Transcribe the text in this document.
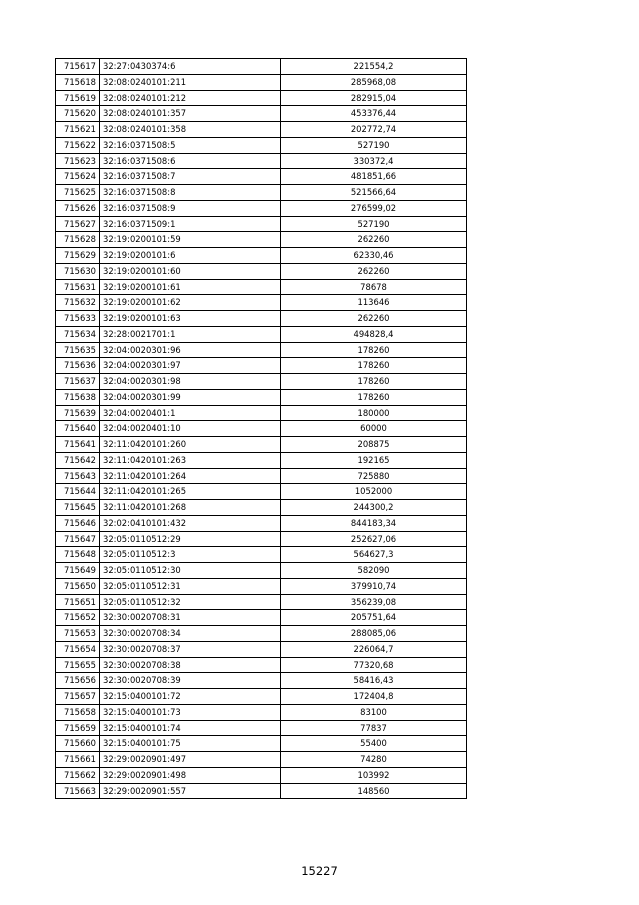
715617	32:27:0430374:6	221554,2
715618	32:08:0240101:211	285968,08
715619	32:08:0240101:212	282915,04
715620	32:08:0240101:357	453376,44
715621	32:08:0240101:358	202772,74
715622	32:16:0371508:5	527190
715623	32:16:0371508:6	330372,4
715624	32:16:0371508:7	481851,66
715625	32:16:0371508:8	521566,64
715626	32:16:0371508:9	276599,02
715627	32:16:0371509:1	527190
715628	32:19:0200101:59	262260
715629	32:19:0200101:6	62330,46
715630	32:19:0200101:60	262260
715631	32:19:0200101:61	78678
715632	32:19:0200101:62	113646
715633	32:19:0200101:63	262260
715634	32:28:0021701:1	494828,4
715635	32:04:0020301:96	178260
715636	32:04:0020301:97	178260
715637	32:04:0020301:98	178260
715638	32:04:0020301:99	178260
715639	32:04:0020401:1	180000
715640	32:04:0020401:10	60000
715641	32:11:0420101:260	208875
715642	32:11:0420101:263	192165
715643	32:11:0420101:264	725880
715644	32:11:0420101:265	1052000
715645	32:11:0420101:268	244300,2
715646	32:02:0410101:432	844183,34
715647	32:05:0110512:29	252627,06
715648	32:05:0110512:3	564627,3
715649	32:05:0110512:30	582090
715650	32:05:0110512:31	379910,74
715651	32:05:0110512:32	356239,08
715652	32:30:0020708:31	205751,64
715653	32:30:0020708:34	288085,06
715654	32:30:0020708:37	226064,7
715655	32:30:0020708:38	77320,68
715656	32:30:0020708:39	58416,43
715657	32:15:0400101:72	172404,8
715658	32:15:0400101:73	83100
715659	32:15:0400101:74	77837
715660	32:15:0400101:75	55400
715661	32:29:0020901:497	74280
715662	32:29:0020901:498	103992
715663	32:29:0020901:557	148560
15227
